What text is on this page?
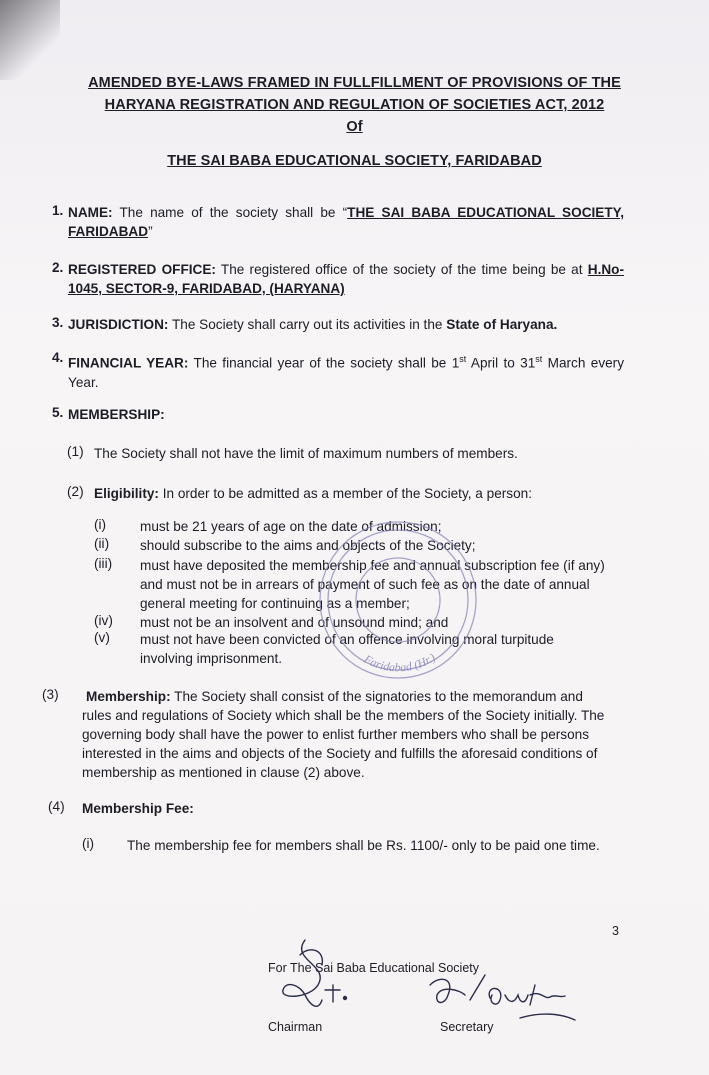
AMENDED BYE-LAWS FRAMED IN FULLFILLMENT OF PROVISIONS OF THE
HARYANA REGISTRATION AND REGULATION OF SOCIETIES ACT, 2012
Of
THE SAI BABA EDUCATIONAL SOCIETY, FARIDABAD
1. NAME: The name of the society shall be “THE SAI BABA EDUCATIONAL SOCIETY, FARIDABAD”

2. REGISTERED OFFICE: The registered office of the society of the time being be at H.No-1045, SECTOR-9, FARIDABAD, (HARYANA)

3. JURISDICTION: The Society shall carry out its activities in the State of Haryana.

4. FINANCIAL YEAR: The financial year of the society shall be 1st April to 31st March every Year.

5. MEMBERSHIP:
(1) The Society shall not have the limit of maximum numbers of members.

(2) Eligibility: In order to be admitted as a member of the Society, a person:

(i) must be 21 years of age on the date of admission;

(ii) should subscribe to the aims and objects of the Society;

(iii) must have deposited the membership fee and annual subscription fee (if any)

and must not be in arrears of payment of such fee as on the date of annual

general meeting for continuing as a member;

(iv) must not be an insolvent and of unsound mind; and

(v) must not have been convicted of an offence involving moral turpitude

involving imprisonment.

(3) Membership: The Society shall consist of the signatories to the memorandum and

rules and regulations of Society which shall be the members of the Society initially. The

governing body shall have the power to enlist further members who shall be persons

interested in the aims and objects of the Society and fulfills the aforesaid conditions of

membership as mentioned in clause (2) above.

(4) Membership Fee:
(i) The membership fee for members shall be Rs. 1100/- only to be paid one time.

3
For The Sai Baba Educational Society
Chairman	Secretary
Faridabad (Hr.)
